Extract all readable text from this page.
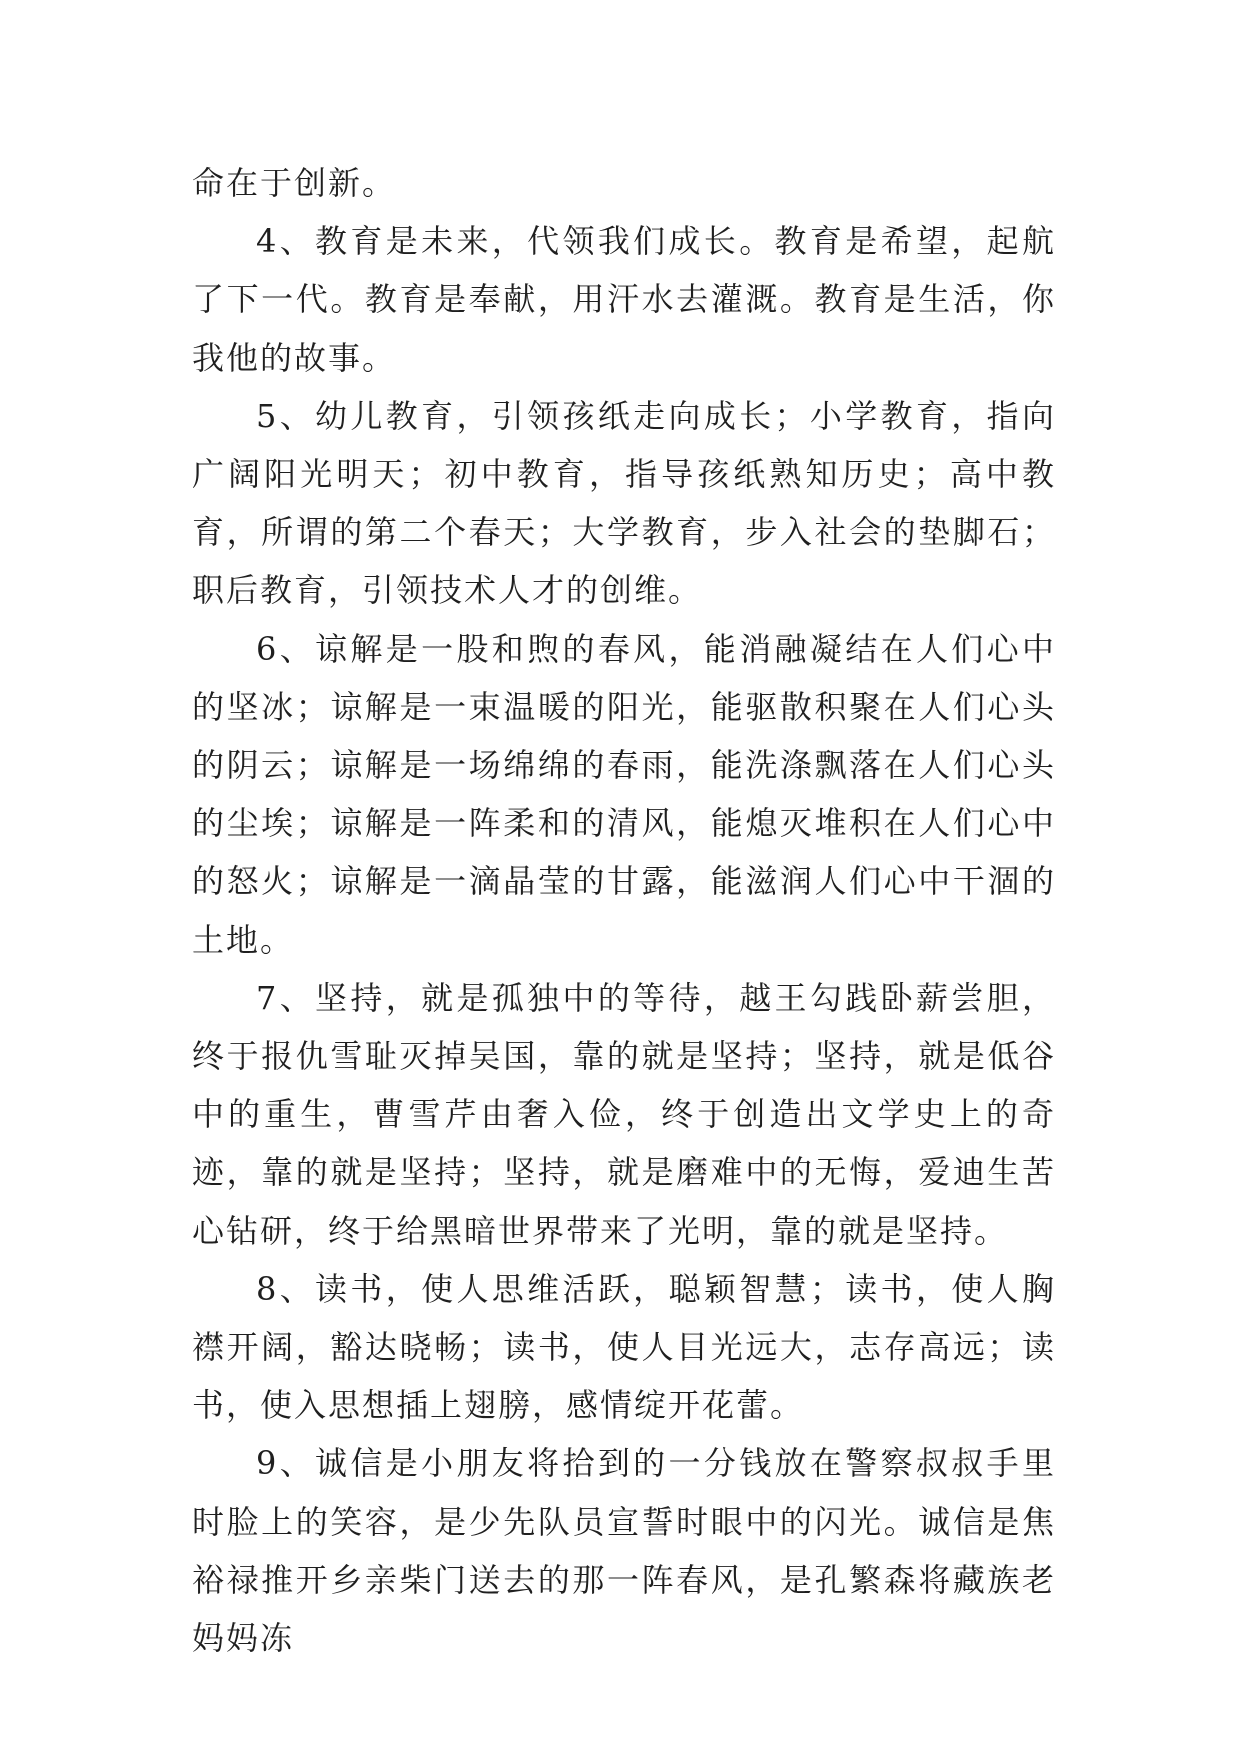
命在于创新。

4、教育是未来，代领我们成长。教育是希望，起航了下一代。教育是奉献，用汗水去灌溉。教育是生活，你我他的故事。

5、幼儿教育，引领孩纸走向成长；小学教育，指向广阔阳光明天；初中教育，指导孩纸熟知历史；高中教育，所谓的第二个春天；大学教育，步入社会的垫脚石；职后教育，引领技术人才的创维。

6、谅解是一股和煦的春风，能消融凝结在人们心中的坚冰；谅解是一束温暖的阳光，能驱散积聚在人们心头的阴云；谅解是一场绵绵的春雨，能洗涤飘落在人们心头的尘埃；谅解是一阵柔和的清风，能熄灭堆积在人们心中的怒火；谅解是一滴晶莹的甘露，能滋润人们心中干涸的土地。

7、坚持，就是孤独中的等待，越王勾践卧薪尝胆，终于报仇雪耻灭掉吴国，靠的就是坚持；坚持，就是低谷中的重生，曹雪芹由奢入俭，终于创造出文学史上的奇迹，靠的就是坚持；坚持，就是磨难中的无悔，爱迪生苦心钻研，终于给黑暗世界带来了光明，靠的就是坚持。

8、读书，使人思维活跃，聪颖智慧；读书，使人胸襟开阔，豁达晓畅；读书，使人目光远大，志存高远；读书，使入思想插上翅膀，感情绽开花蕾。

9、诚信是小朋友将拾到的一分钱放在警察叔叔手里时脸上的笑容，是少先队员宣誓时眼中的闪光。诚信是焦裕禄推开乡亲柴门送去的那一阵春风，是孔繁森将藏族老妈妈冻
